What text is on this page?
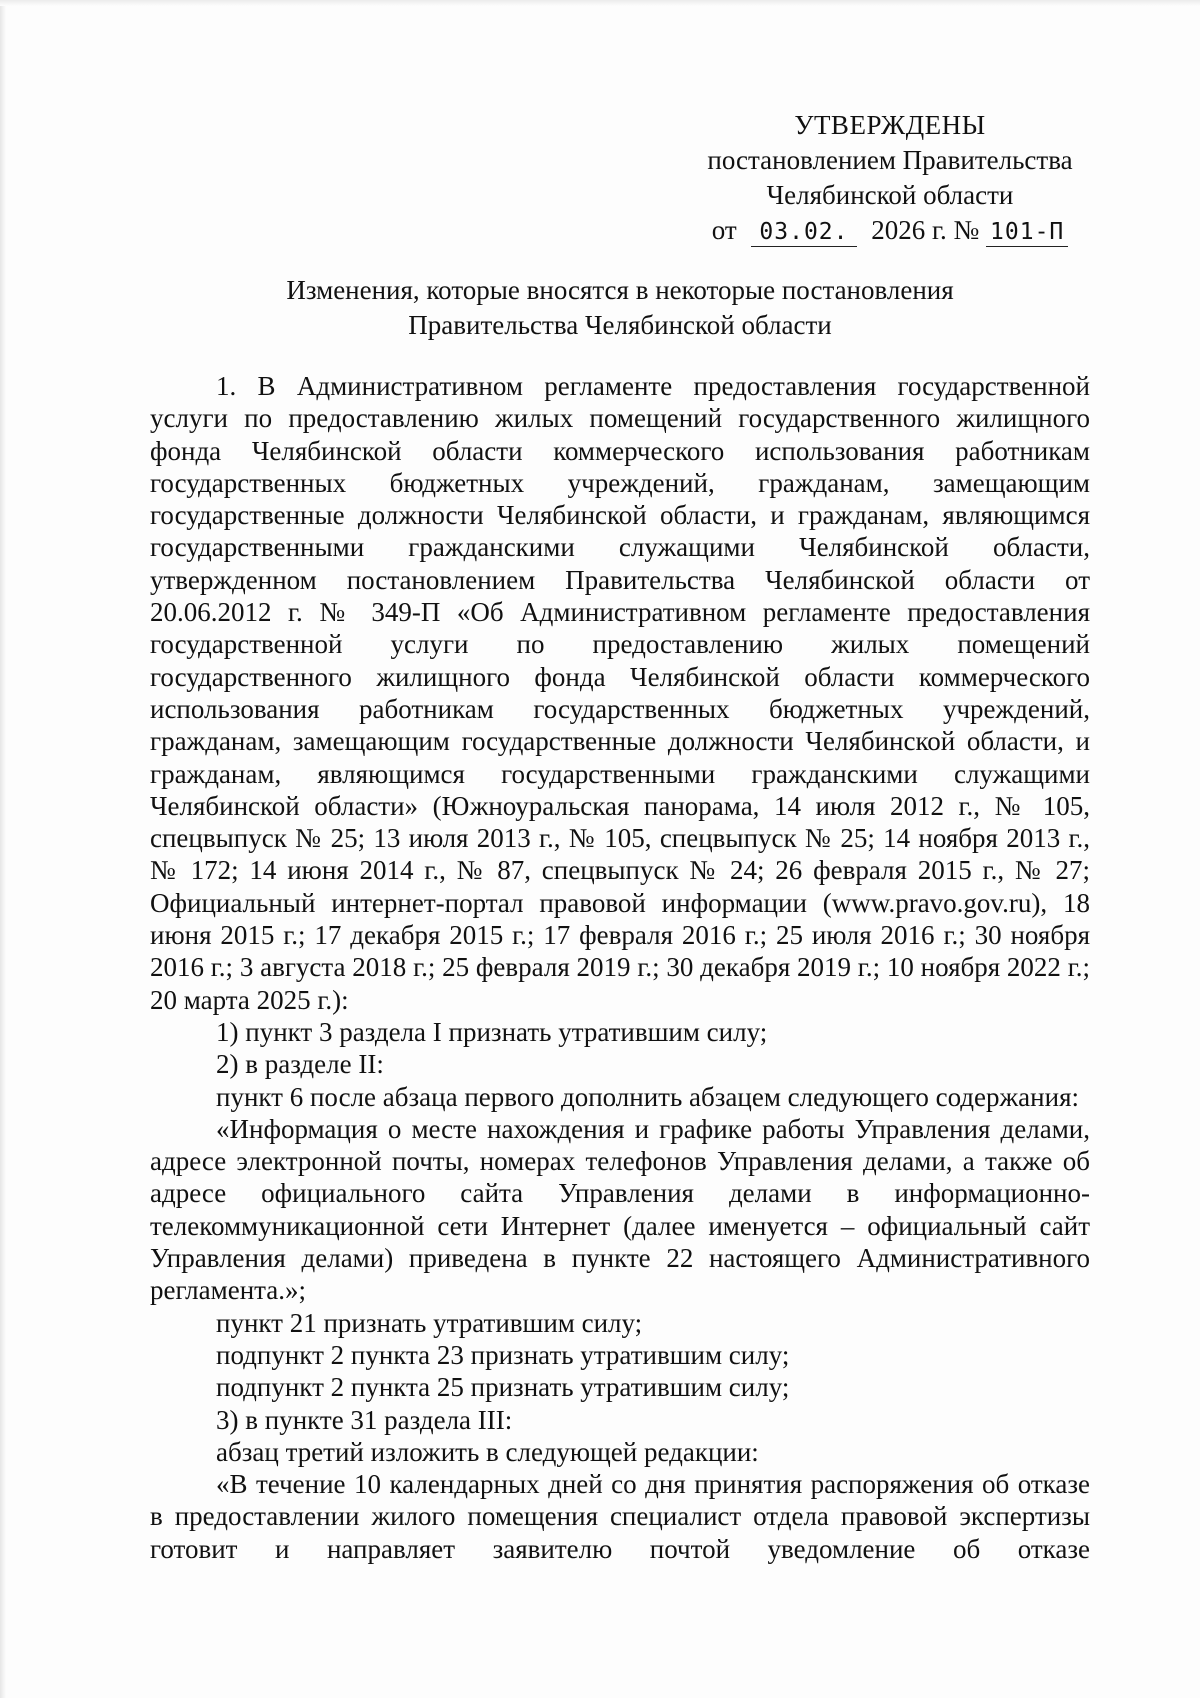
УТВЕРЖДЕНЫ
постановлением Правительства
Челябинской области
от 03.02. 2026 г. № 101-П
Изменения, которые вносятся в некоторые постановления
Правительства Челябинской области

1. В Административном регламенте предоставления государственной услуги по предоставлению жилых помещений государственного жилищного фонда Челябинской области коммерческого использования работникам государственных бюджетных учреждений, гражданам, замещающим государственные должности Челябинской области, и гражданам, являющимся государственными гражданскими служащими Челябинской области, утвержденном постановлением Правительства Челябинской области от 20.06.2012 г. № 349-П «Об Административном регламенте предоставления государственной услуги по предоставлению жилых помещений государственного жилищного фонда Челябинской области коммерческого использования работникам государственных бюджетных учреждений, гражданам, замещающим государственные должности Челябинской области, и гражданам, являющимся государственными гражданскими служащими Челябинской области» (Южноуральская панорама, 14 июля 2012 г., № 105, спецвыпуск № 25; 13 июля 2013 г., № 105, спецвыпуск № 25; 14 ноября 2013 г., № 172; 14 июня 2014 г., № 87, спецвыпуск № 24; 26 февраля 2015 г., № 27; Официальный интернет-портал правовой информации (www.pravo.gov.ru), 18 июня 2015 г.; 17 декабря 2015 г.; 17 февраля 2016 г.; 25 июля 2016 г.; 30 ноября 2016 г.; 3 августа 2018 г.; 25 февраля 2019 г.; 30 декабря 2019 г.; 10 ноября 2022 г.; 20 марта 2025 г.):

1) пункт 3 раздела I признать утратившим силу;

2) в разделе II:

пункт 6 после абзаца первого дополнить абзацем следующего содержания:

«Информация о месте нахождения и графике работы Управления делами, адресе электронной почты, номерах телефонов Управления делами, а также об адресе официального сайта Управления делами в информационно-телекоммуникационной сети Интернет (далее именуется – официальный сайт Управления делами) приведена в пункте 22 настоящего Административного регламента.»;

пункт 21 признать утратившим силу;

подпункт 2 пункта 23 признать утратившим силу;

подпункт 2 пункта 25 признать утратившим силу;

3) в пункте 31 раздела III:

абзац третий изложить в следующей редакции:

«В течение 10 календарных дней со дня принятия распоряжения об отказе в предоставлении жилого помещения специалист отдела правовой экспертизы готовит и направляет заявителю почтой уведомление об отказе
